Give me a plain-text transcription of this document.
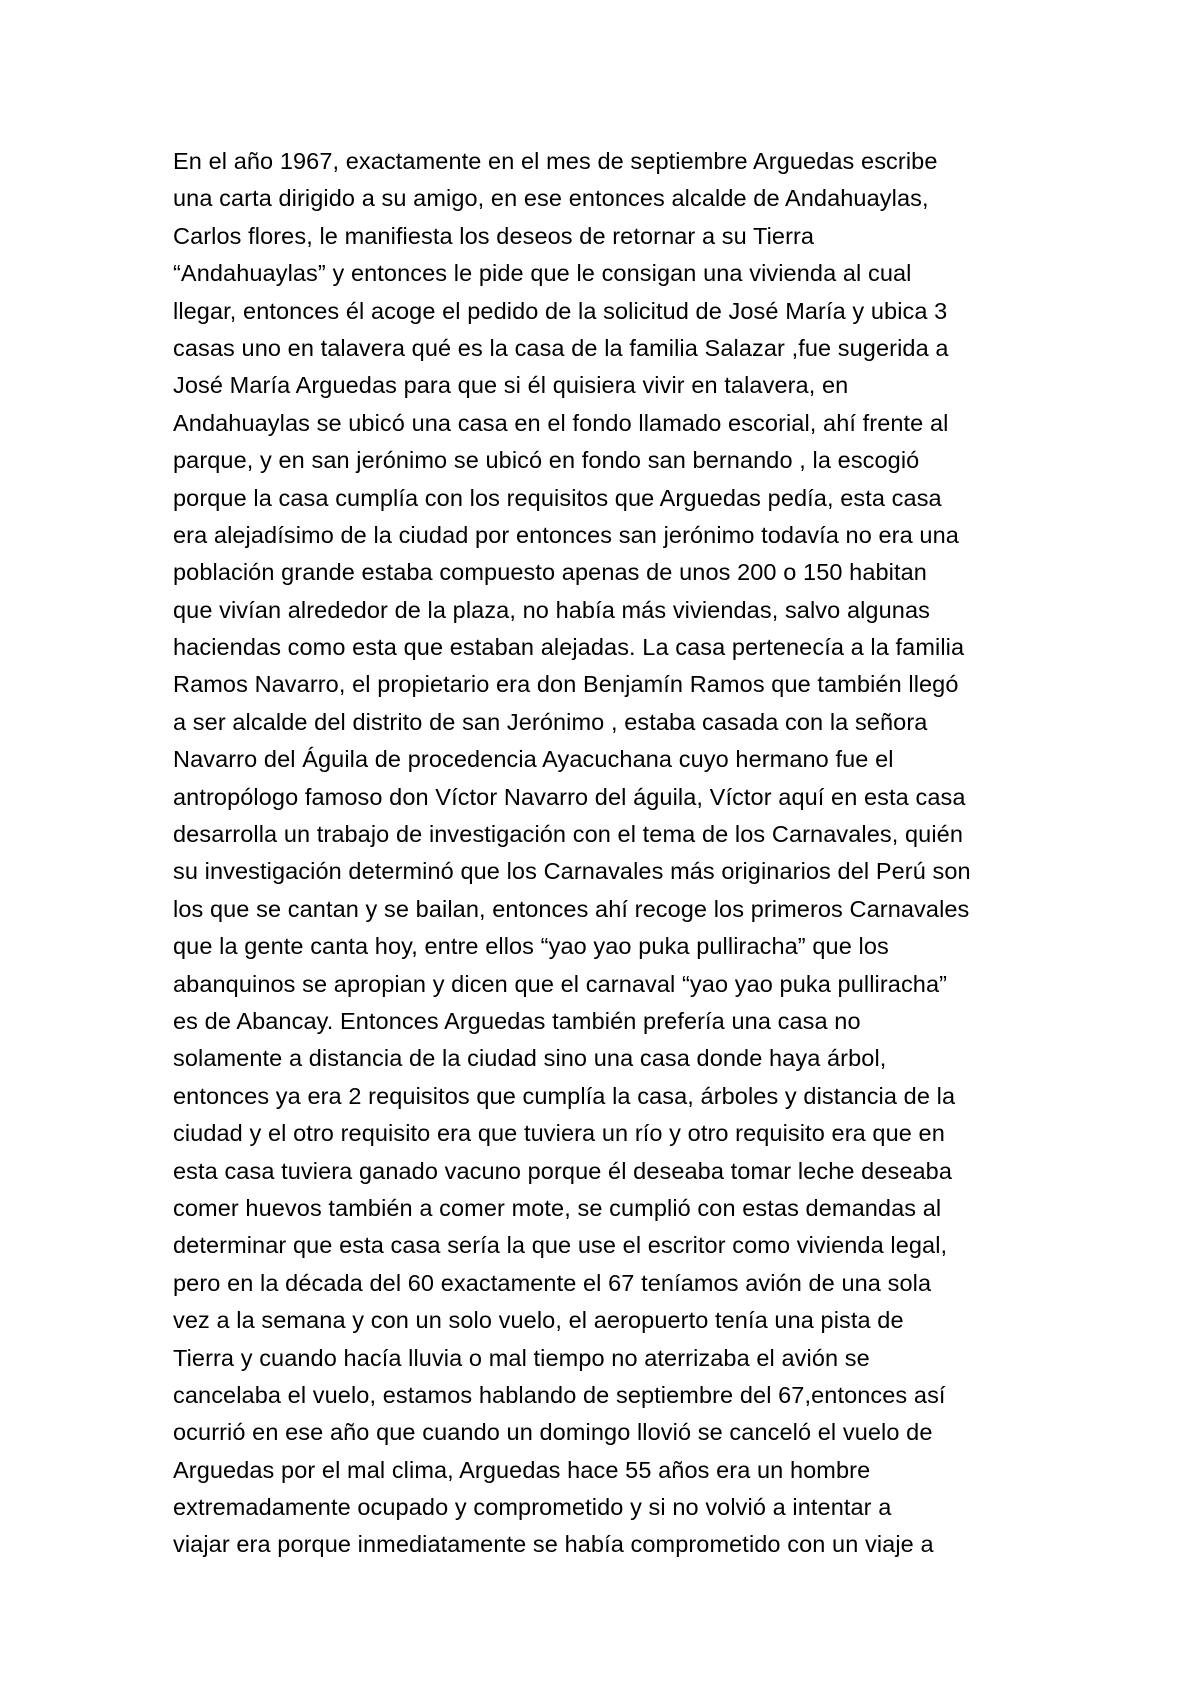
En el año 1967, exactamente en el mes de septiembre Arguedas escribe
una carta dirigido a su amigo, en ese entonces alcalde de Andahuaylas,
Carlos flores, le manifiesta los deseos de retornar a su Tierra
“Andahuaylas” y entonces le pide que le consigan una vivienda al cual
llegar, entonces él acoge el pedido de la solicitud de José María y ubica 3
casas uno en talavera qué es la casa de la familia Salazar ,fue sugerida a
José María Arguedas para que si él quisiera vivir en talavera, en
Andahuaylas se ubicó una casa en el fondo llamado escorial, ahí frente al
parque, y en san jerónimo se ubicó en fondo san bernando , la escogió
porque la casa cumplía con los requisitos que Arguedas pedía, esta casa
era alejadísimo de la ciudad por entonces san jerónimo todavía no era una
población grande estaba compuesto apenas de unos 200 o 150 habitan
que vivían alrededor de la plaza, no había más viviendas, salvo algunas
haciendas como esta que estaban alejadas. La casa pertenecía a la familia
Ramos Navarro, el propietario era don Benjamín Ramos que también llegó
a ser alcalde del distrito de san Jerónimo , estaba casada con la señora
Navarro del Águila de procedencia Ayacuchana cuyo hermano fue el
antropólogo famoso don Víctor Navarro del águila, Víctor aquí en esta casa
desarrolla un trabajo de investigación con el tema de los Carnavales, quién
su investigación determinó que los Carnavales más originarios del Perú son
los que se cantan y se bailan, entonces ahí recoge los primeros Carnavales
que la gente canta hoy, entre ellos “yao yao puka pulliracha” que los
abanquinos se apropian y dicen que el carnaval “yao yao puka pulliracha”
es de Abancay. Entonces Arguedas también prefería una casa no
solamente a distancia de la ciudad sino una casa donde haya árbol,
entonces ya era 2 requisitos que cumplía la casa, árboles y distancia de la
ciudad y el otro requisito era que tuviera un río y otro requisito era que en
esta casa tuviera ganado vacuno porque él deseaba tomar leche deseaba
comer huevos también a comer mote, se cumplió con estas demandas al
determinar que esta casa sería la que use el escritor como vivienda legal,
pero en la década del 60 exactamente el 67 teníamos avión de una sola
vez a la semana y con un solo vuelo, el aeropuerto tenía una pista de
Tierra y cuando hacía lluvia o mal tiempo no aterrizaba el avión se
cancelaba el vuelo, estamos hablando de septiembre del 67,entonces así
ocurrió en ese año que cuando un domingo llovió se canceló el vuelo de
Arguedas por el mal clima, Arguedas hace 55 años era un hombre
extremadamente ocupado y comprometido y si no volvió a intentar a
viajar era porque inmediatamente se había comprometido con un viaje a
